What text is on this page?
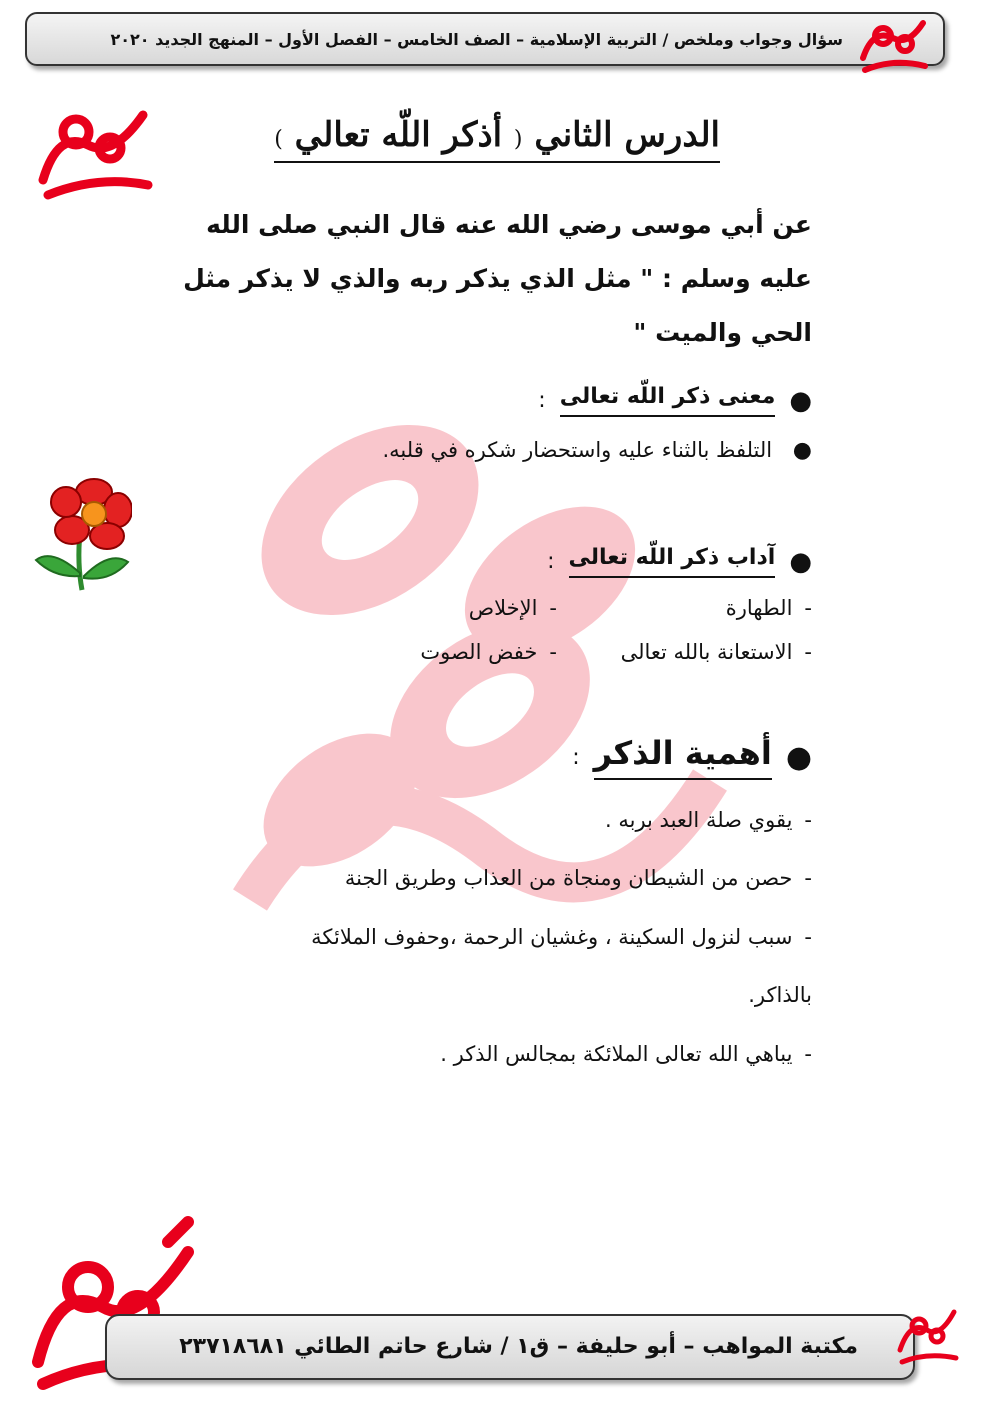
سؤال وجواب وملخص / التربية الإسلامية – الصف الخامس – الفصل الأول – المنهج الجديد ٢٠٢٠
الدرس الثاني ( أذكر اللّه تعالي )
عن أبي موسى رضي الله عنه قال النبي صلى الله عليه وسلم : " مثل الذي يذكر ربه والذي لا يذكر مثل الحي والميت "
●
معنى ذكر اللّه تعالى
:
● التلفظ بالثناء عليه واستحضار شكره في قلبه.
●
آداب ذكر اللّه تعالى
:
-الطهارة-الإخلاص
-الاستعانة بالله تعالى-خفض الصوت
●
أهمية الذكر
:
-يقوي صلة العبد بربه .
-حصن من الشيطان ومنجاة من العذاب وطريق الجنة
-سبب لنزول السكينة ، وغشيان الرحمة ،وحفوف الملائكة
بالذاكر.
-يباهي الله تعالى الملائكة بمجالس الذكر .
مكتبة المواهب – أبو حليفة – ق١ / شارع حاتم الطائي ٢٣٧١٨٦٨١
